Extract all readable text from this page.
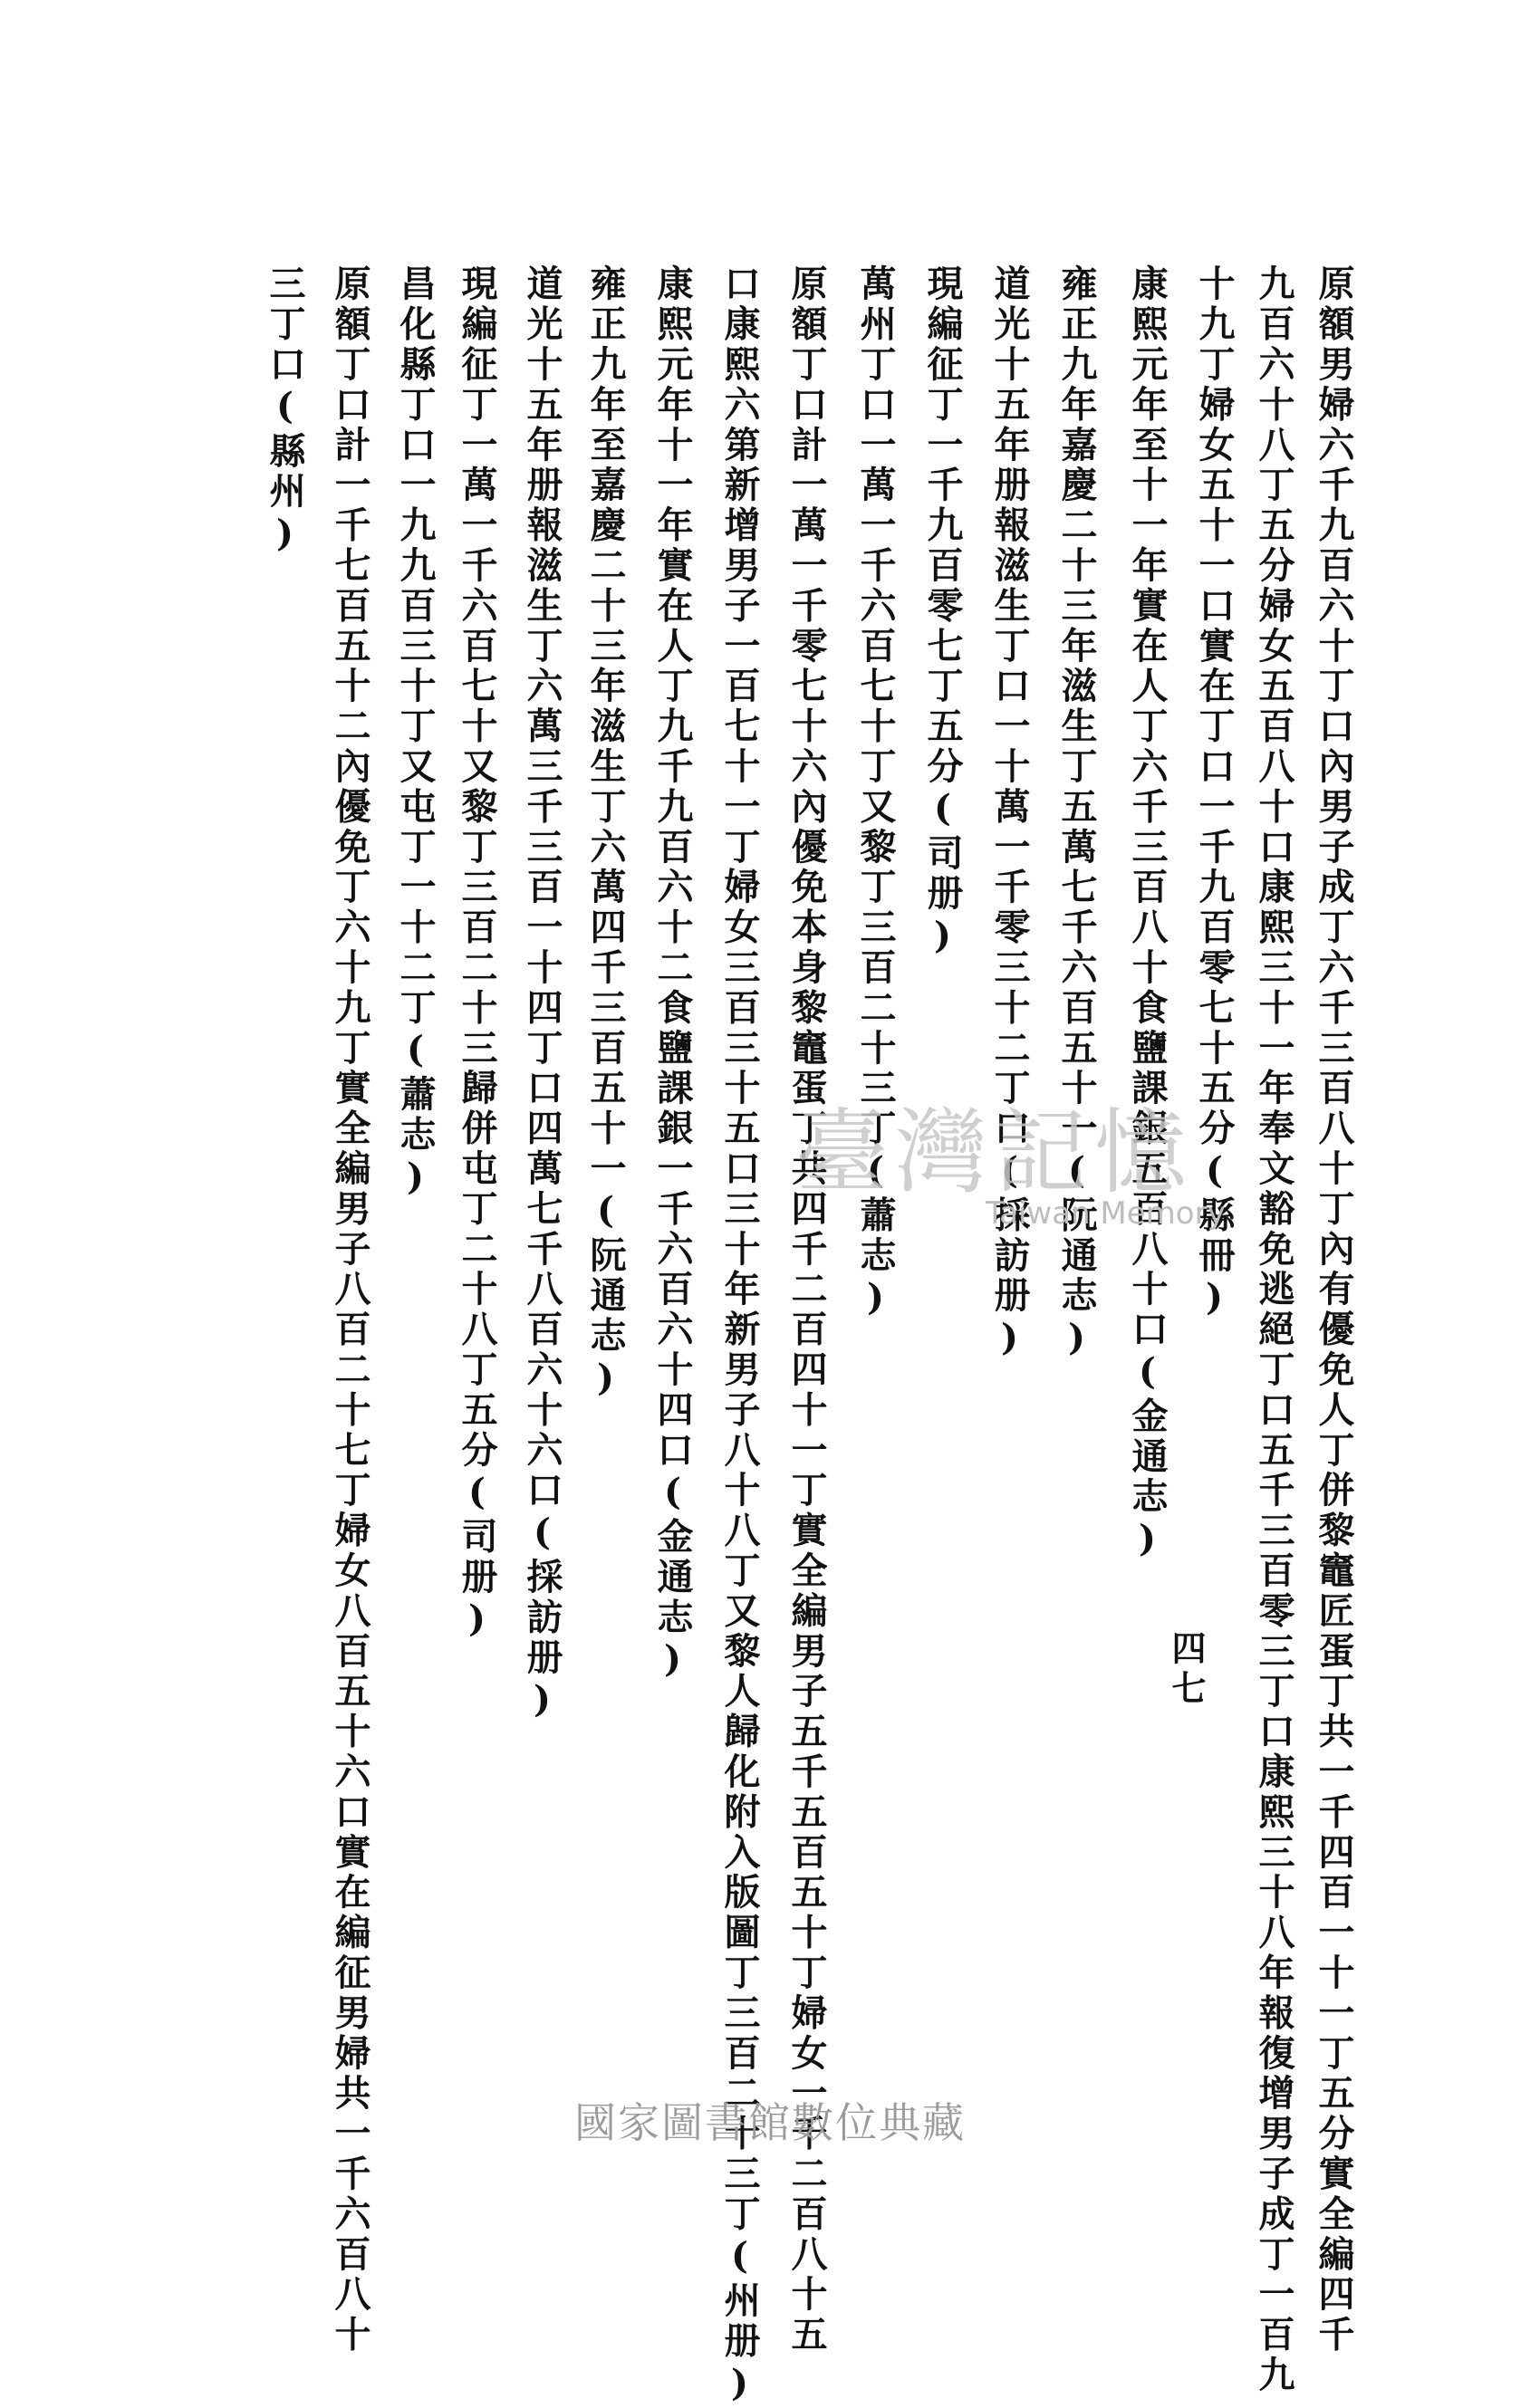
原額男婦六千九百六十丁口內男子成丁六千三百八十丁內有優免人丁併黎竈匠蛋丁共一千四百一十一丁五分實全編四千
九百六十八丁五分婦女五百八十口康熙三十一年奉文豁免逃絕丁口五千三百零三丁口康熙三十八年報復增男子成丁一百九
十九丁婦女五十一口實在丁口一千九百零七十五分(縣冊)
康熙元年至十一年實在人丁六千三百八十食鹽課銀五百八十口(金通志)
雍正九年嘉慶二十三年滋生丁五萬七千六百五十一(阮通志)
道光十五年册報滋生丁口一十萬一千零三十二丁口(採訪册)
現編征丁一千九百零七丁五分(司册)
萬州丁口一萬一千六百七十丁又黎丁三百二十三丁(蕭志)
原額丁口計一萬一千零七十六內優免本身黎竈蛋丁共四千二百四十一丁實全編男子五千五百五十丁婦女一千二百八十五
口康熙六第新增男子一百七十一丁婦女三百三十五口三十年新男子八十八丁又黎人歸化附入版圖丁三百二十三丁(州册)
康熙元年十一年實在人丁九千九百六十二食鹽課銀一千六百六十四口(金通志)
雍正九年至嘉慶二十三年滋生丁六萬四千三百五十一(阮通志)
道光十五年册報滋生丁六萬三千三百一十四丁口四萬七千八百六十六口(採訪册)
現編征丁一萬一千六百七十又黎丁三百二十三歸併屯丁二十八丁五分(司册)
昌化縣丁口一九九百三十丁又屯丁一十二丁(蕭志)
原額丁口計一千七百五十二內優免丁六十九丁實全編男子八百二十七丁婦女八百五十六口實在編征男婦共一千六百八十
三丁口(縣州)
四七
臺灣記憶
Taiwan Memory
國家圖書館數位典藏
